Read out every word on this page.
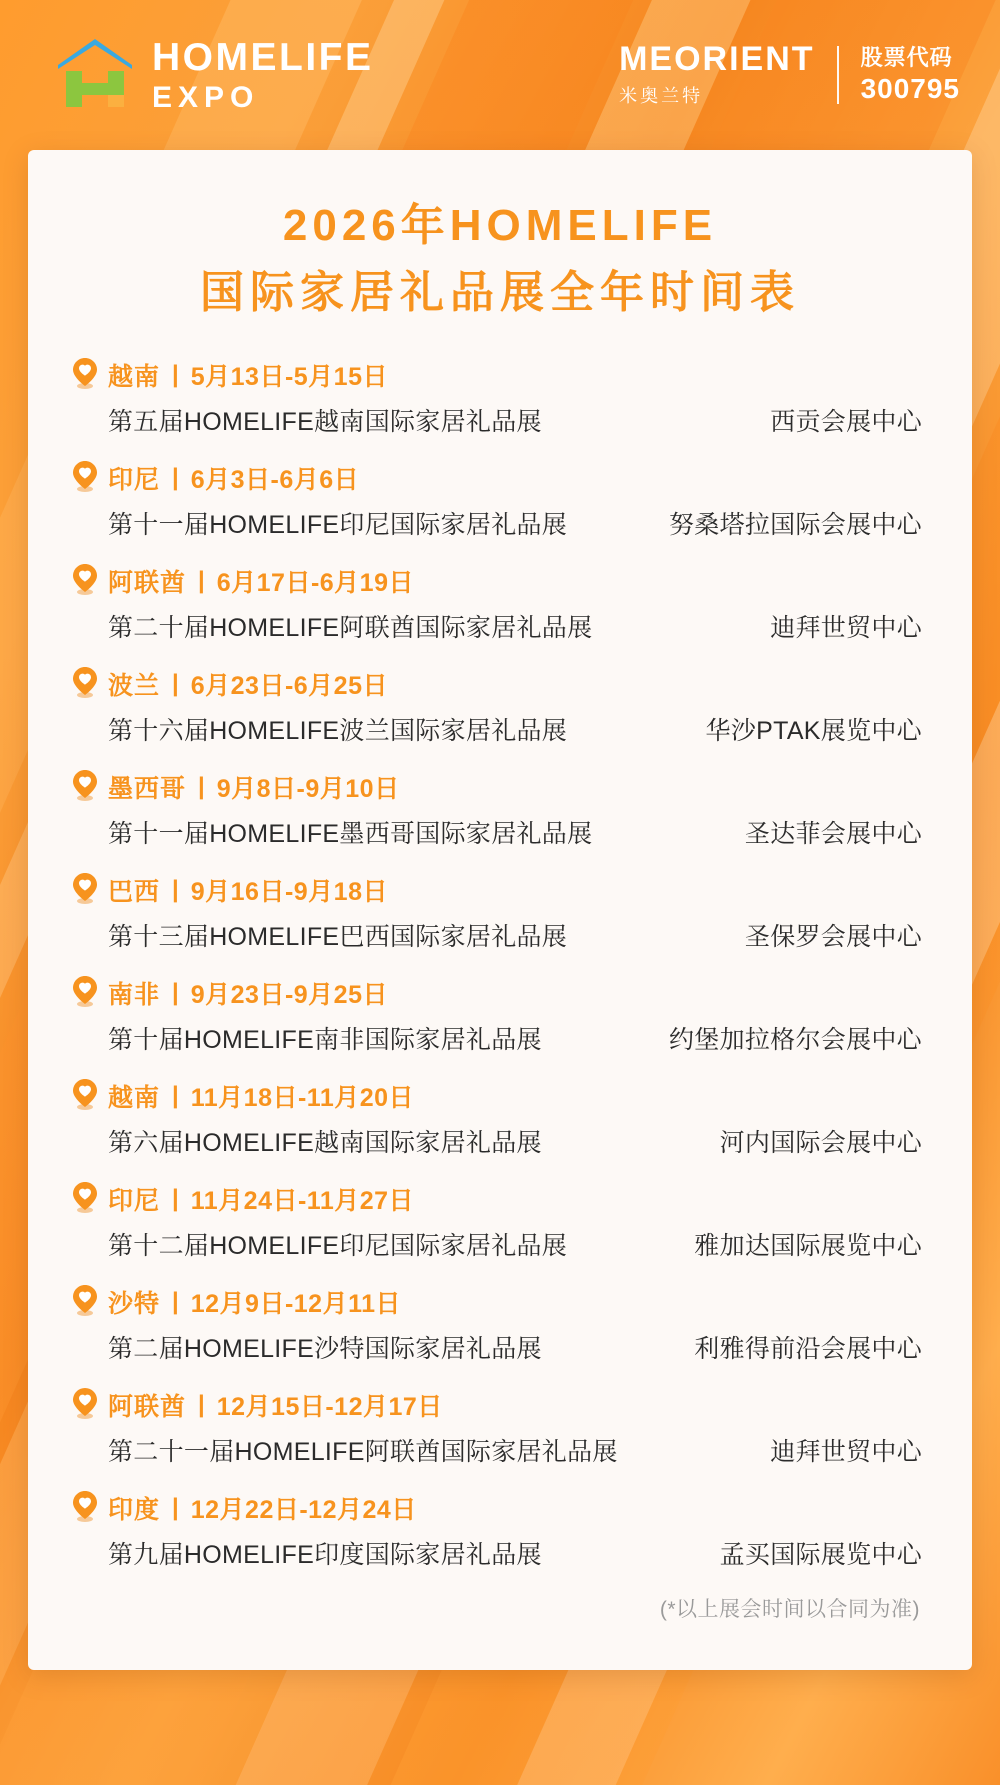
HOMELIFE
EXPO
MEORIENT
米奥兰特
股票代码
300795
2026年HOMELIFE
国际家居礼品展全年时间表
越南 | 5月13日-5月15日
第五届HOMELIFE越南国际家居礼品展	西贡会展中心
印尼 | 6月3日-6月6日
第十一届HOMELIFE印尼国际家居礼品展	努桑塔拉国际会展中心
阿联酋 | 6月17日-6月19日
第二十届HOMELIFE阿联酋国际家居礼品展	迪拜世贸中心
波兰 | 6月23日-6月25日
第十六届HOMELIFE波兰国际家居礼品展	华沙PTAK展览中心
墨西哥 | 9月8日-9月10日
第十一届HOMELIFE墨西哥国际家居礼品展	圣达菲会展中心
巴西 | 9月16日-9月18日
第十三届HOMELIFE巴西国际家居礼品展	圣保罗会展中心
南非 | 9月23日-9月25日
第十届HOMELIFE南非国际家居礼品展	约堡加拉格尔会展中心
越南 | 11月18日-11月20日
第六届HOMELIFE越南国际家居礼品展	河内国际会展中心
印尼 | 11月24日-11月27日
第十二届HOMELIFE印尼国际家居礼品展	雅加达国际展览中心
沙特 | 12月9日-12月11日
第二届HOMELIFE沙特国际家居礼品展	利雅得前沿会展中心
阿联酋 | 12月15日-12月17日
第二十一届HOMELIFE阿联酋国际家居礼品展	迪拜世贸中心
印度 | 12月22日-12月24日
第九届HOMELIFE印度国际家居礼品展	孟买国际展览中心
(*以上展会时间以合同为准)
